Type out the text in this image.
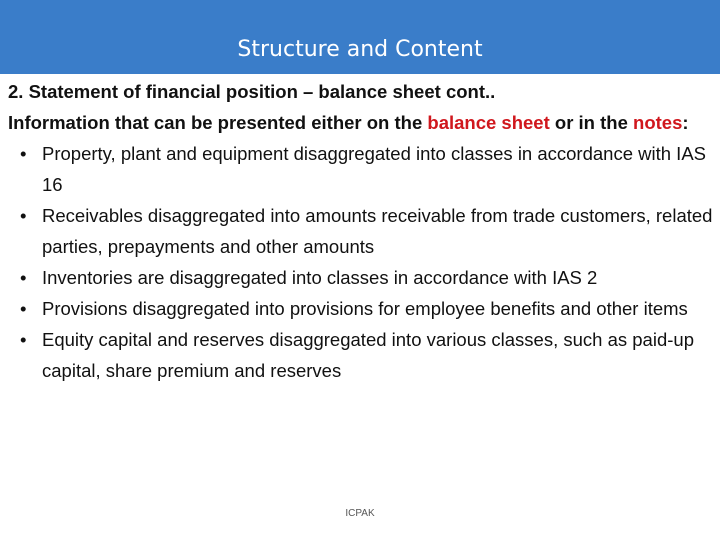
Structure and Content
2. Statement of financial position – balance sheet cont..
Information that can be presented either on the balance sheet or in the notes:
• Property, plant and equipment disaggregated into classes in accordance with IAS 16
• Receivables disaggregated into amounts receivable from trade customers, related parties, prepayments and other amounts
• Inventories are disaggregated into classes in accordance with IAS 2
• Provisions disaggregated into provisions for employee benefits and other items
• Equity capital and reserves disaggregated into various classes, such as paid-up capital, share premium and reserves
ICPAK
